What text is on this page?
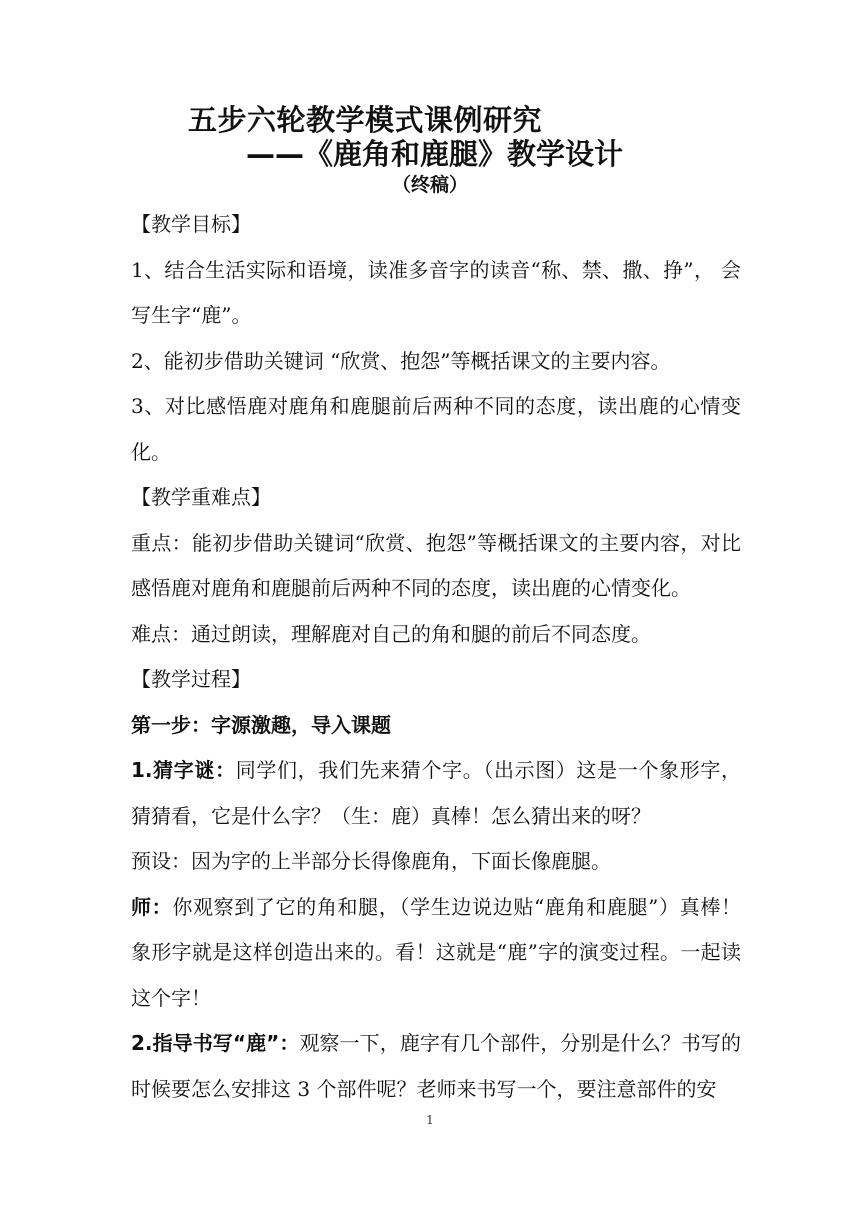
五步六轮教学模式课例研究
——《鹿角和鹿腿》教学设计
（终稿）

【教学目标】

1、结合生活实际和语境，读准多音字的读音“称、禁、撒、挣”， 会写生字“鹿”。

2、能初步借助关键词 “欣赏、抱怨”等概括课文的主要内容。

3、对比感悟鹿对鹿角和鹿腿前后两种不同的态度，读出鹿的心情变化。

【教学重难点】

重点：能初步借助关键词“欣赏、抱怨”等概括课文的主要内容，对比感悟鹿对鹿角和鹿腿前后两种不同的态度，读出鹿的心情变化。

难点：通过朗读，理解鹿对自己的角和腿的前后不同态度。

【教学过程】

第一步：字源激趣，导入课题

1.猜字谜：同学们，我们先来猜个字。（出示图）这是一个象形字，猜猜看，它是什么字？（生：鹿）真棒！怎么猜出来的呀？

预设：因为字的上半部分长得像鹿角，下面长像鹿腿。

师：你观察到了它的角和腿，（学生边说边贴“鹿角和鹿腿”）真棒！象形字就是这样创造出来的。看！这就是“鹿”字的演变过程。一起读这个字！

2.指导书写“鹿”：观察一下，鹿字有几个部件，分别是什么？书写的时候要怎么安排这 3 个部件呢？老师来书写一个，要注意部件的安

1
